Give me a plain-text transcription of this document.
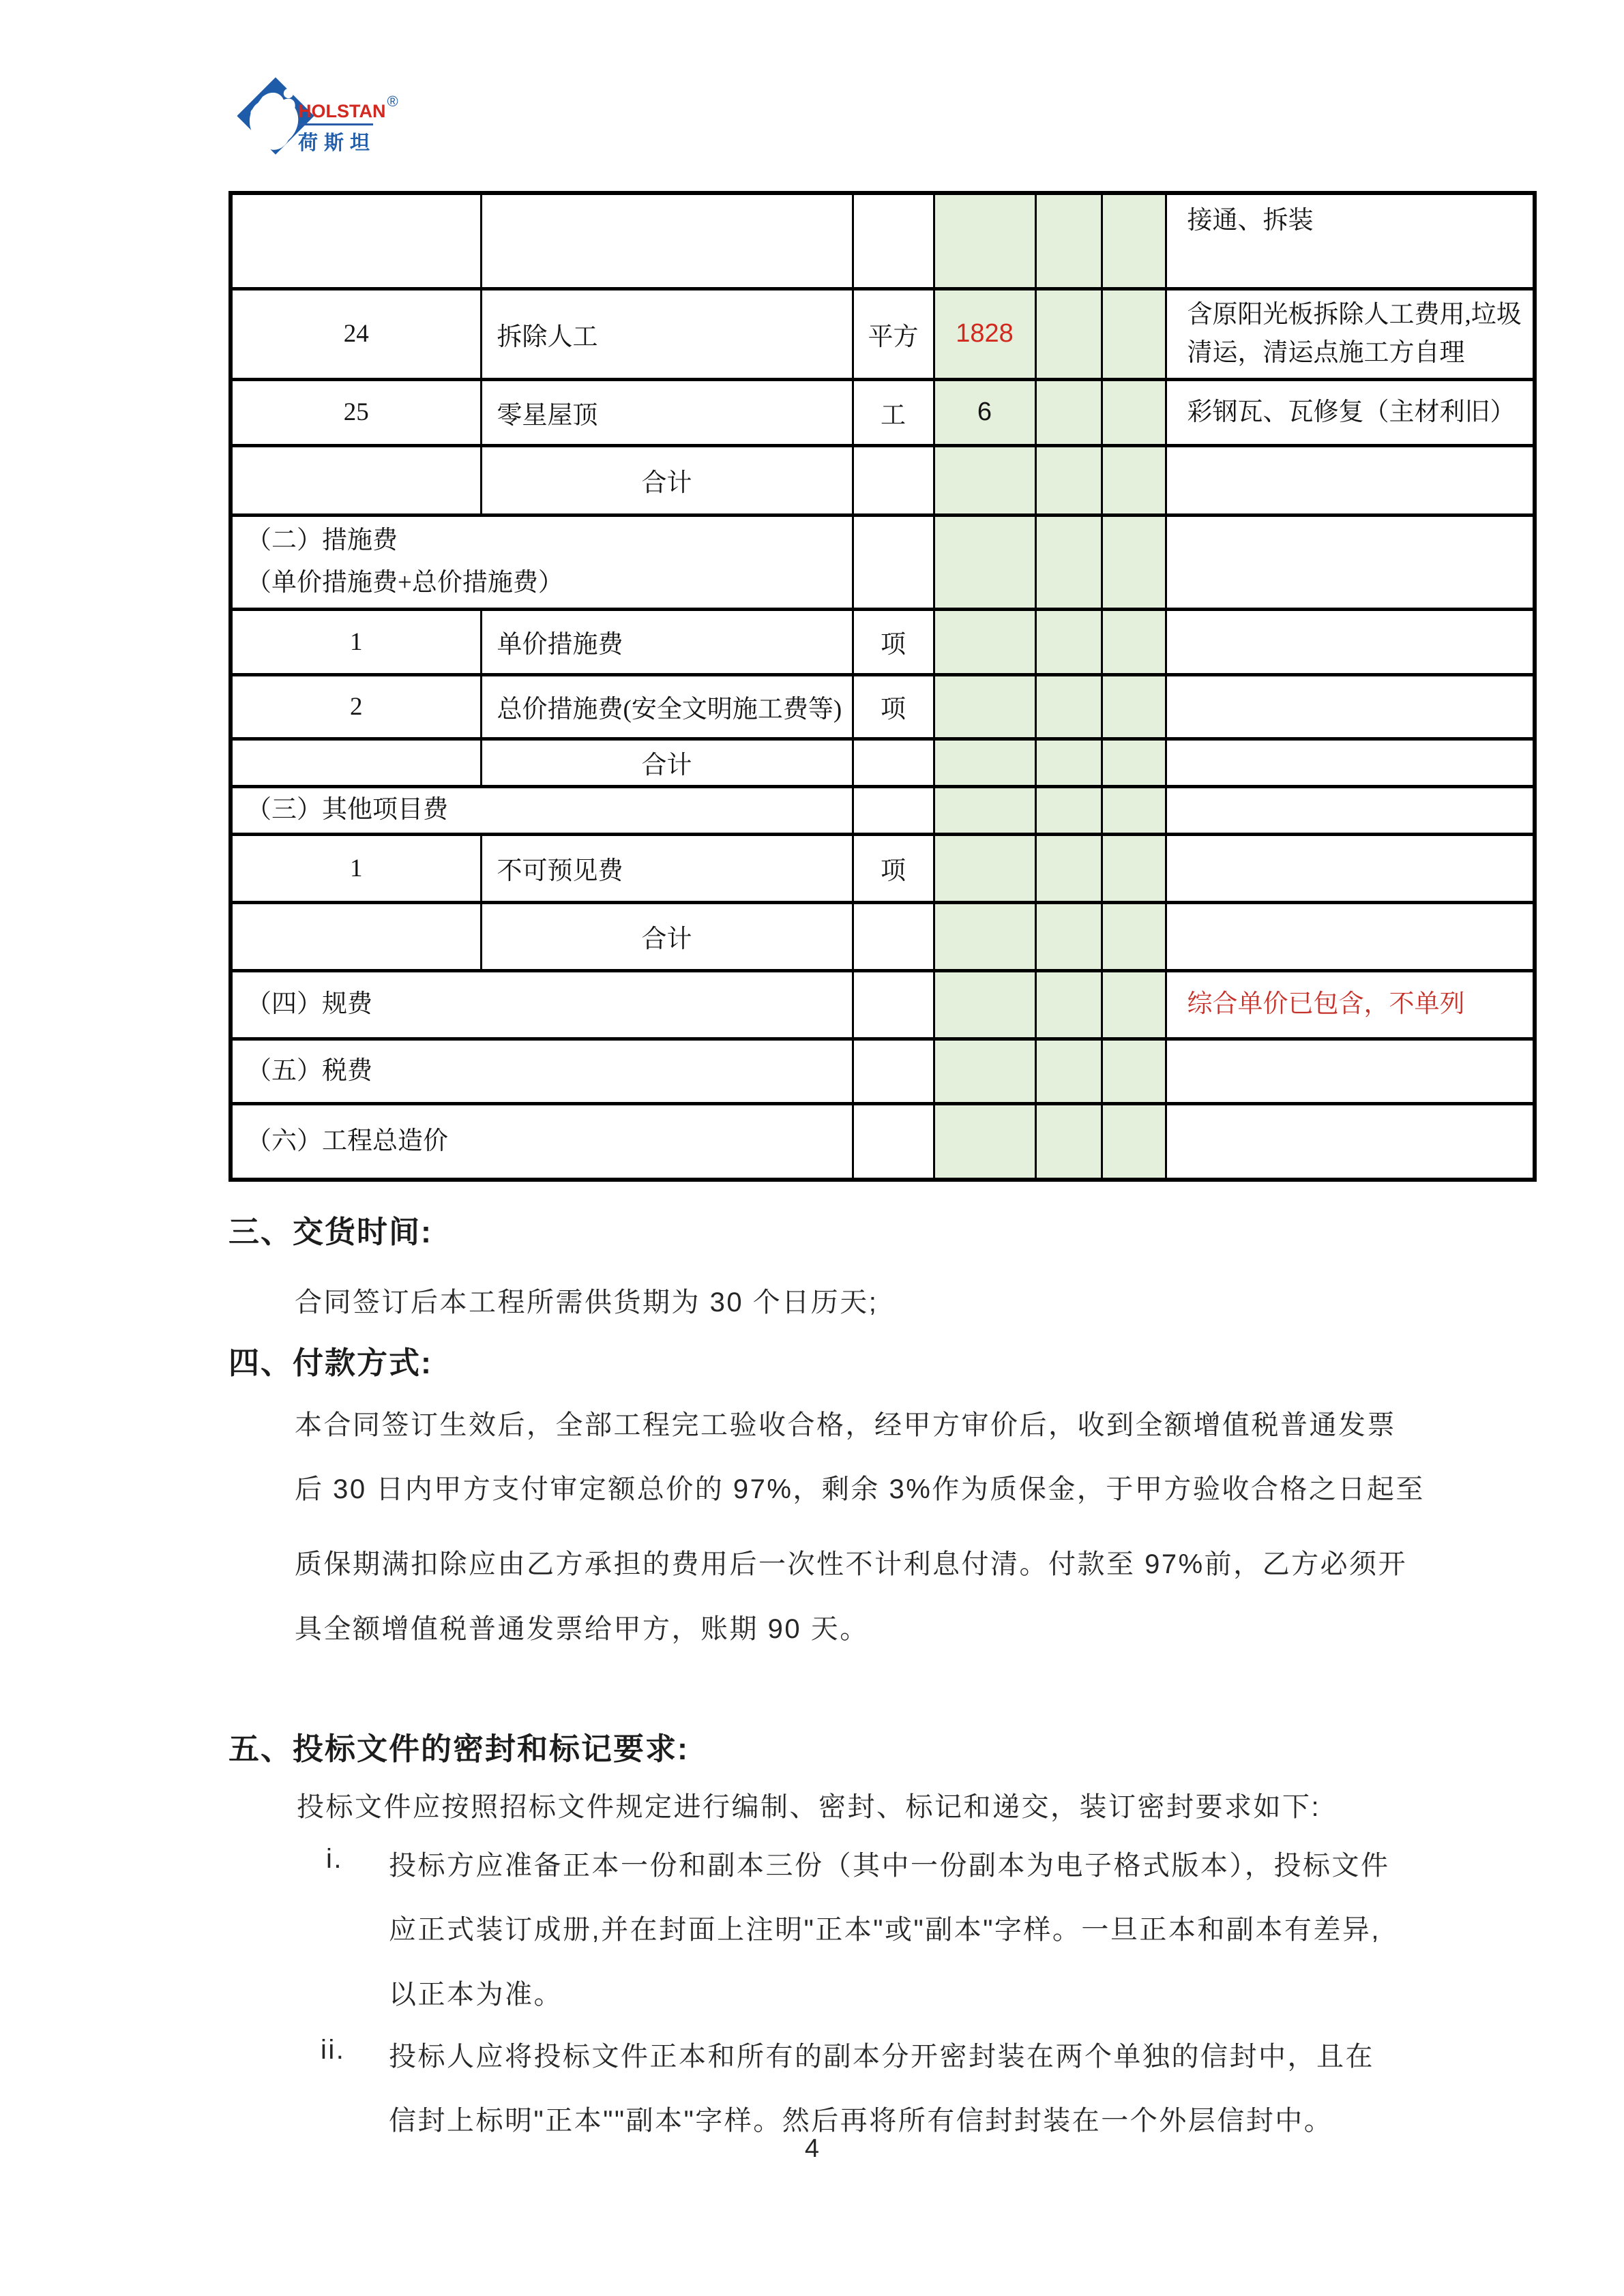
HOLSTAN®
荷斯坦
						接通、拆装
24	拆除人工	平方	1828			含原阳光板拆除人工费用,垃圾清运，清运点施工方自理
25	零星屋顶	工	6			彩钢瓦、瓦修复（主材利旧）
	合计					

（二）措施费
（单价措施费+总价措施费）						

1	单价措施费	项				
2	总价措施费(安全文明施工费等)	项				
	合计					
（三）其他项目费						
1	不可预见费	项				
	合计					
（四）规费						综合单价已包含，不单列
（五）税费						
（六）工程总造价						
三、交货时间:
合同签订后本工程所需供货期为 30 个日历天;
四、付款方式:
本合同签订生效后，全部工程完工验收合格，经甲方审价后，收到全额增值税普通发票
后 30 日内甲方支付审定额总价的 97%，剩余 3%作为质保金，于甲方验收合格之日起至
质保期满扣除应由乙方承担的费用后一次性不计利息付清。付款至 97%前，乙方必须开
具全额增值税普通发票给甲方，账期 90 天。
五、投标文件的密封和标记要求:
投标文件应按照招标文件规定进行编制、密封、标记和递交，装订密封要求如下:
i. 投标方应准备正本一份和副本三份（其中一份副本为电子格式版本），投标文件
应正式装订成册,并在封面上注明"正本"或"副本"字样。一旦正本和副本有差异,
以正本为准。
ii. 投标人应将投标文件正本和所有的副本分开密封装在两个单独的信封中，且在
信封上标明"正本""副本"字样。然后再将所有信封封装在一个外层信封中。
4
